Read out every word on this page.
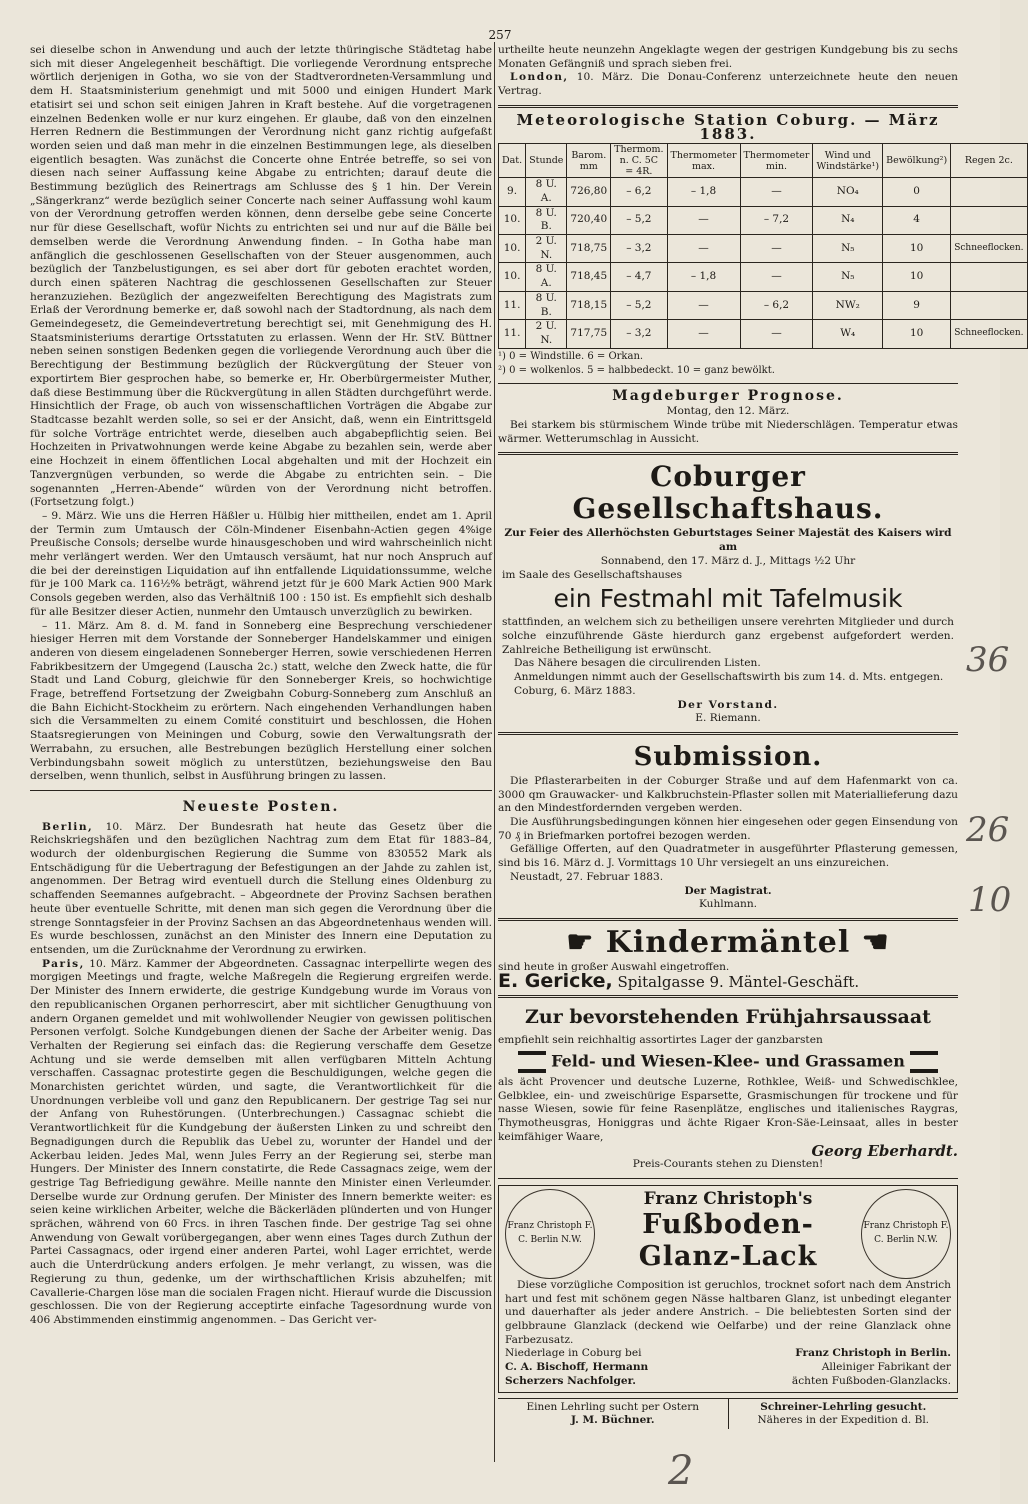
257

sei dieselbe schon in Anwendung und auch der letzte thüringische Städtetag habe sich mit dieser Angelegenheit beschäftigt. Die vorliegende Verordnung entspreche wörtlich derjenigen in Gotha, wo sie von der Stadtverordneten-Versammlung und dem H. Staatsministerium genehmigt und mit 5000 und einigen Hundert Mark etatisirt sei und schon seit einigen Jahren in Kraft bestehe. Auf die vorgetragenen einzelnen Bedenken wolle er nur kurz eingehen. Er glaube, daß von den einzelnen Herren Rednern die Bestimmungen der Verordnung nicht ganz richtig aufgefaßt worden seien und daß man mehr in die einzelnen Bestimmungen lege, als dieselben eigentlich besagten. Was zunächst die Concerte ohne Entrée betreffe, so sei von diesen nach seiner Auffassung keine Abgabe zu entrichten; darauf deute die Bestimmung bezüglich des Reinertrags am Schlusse des § 1 hin. Der Verein „Sängerkranz“ werde bezüglich seiner Concerte nach seiner Auffassung wohl kaum von der Verordnung getroffen werden können, denn derselbe gebe seine Concerte nur für diese Gesellschaft, wofür Nichts zu entrichten sei und nur auf die Bälle bei demselben werde die Verordnung Anwendung finden. – In Gotha habe man anfänglich die geschlossenen Gesellschaften von der Steuer ausgenommen, auch bezüglich der Tanzbelustigungen, es sei aber dort für geboten erachtet worden, durch einen späteren Nachtrag die geschlossenen Gesellschaften zur Steuer heranzuziehen. Bezüglich der angezweifelten Berechtigung des Magistrats zum Erlaß der Verordnung bemerke er, daß sowohl nach der Stadtordnung, als nach dem Gemeindegesetz, die Gemeindevertretung berechtigt sei, mit Genehmigung des H. Staatsministeriums derartige Ortsstatuten zu erlassen. Wenn der Hr. StV. Büttner neben seinen sonstigen Bedenken gegen die vorliegende Verordnung auch über die Berechtigung der Bestimmung bezüglich der Rückvergütung der Steuer von exportirtem Bier gesprochen habe, so bemerke er, Hr. Oberbürgermeister Muther, daß diese Bestimmung über die Rückvergütung in allen Städten durchgeführt werde. Hinsichtlich der Frage, ob auch von wissenschaftlichen Vorträgen die Abgabe zur Stadtcasse bezahlt werden solle, so sei er der Ansicht, daß, wenn ein Eintrittsgeld für solche Vorträge entrichtet werde, dieselben auch abgabepflichtig seien. Bei Hochzeiten in Privatwohnungen werde keine Abgabe zu bezahlen sein, werde aber eine Hochzeit in einem öffentlichen Local abgehalten und mit der Hochzeit ein Tanzvergnügen verbunden, so werde die Abgabe zu entrichten sein. – Die sogenannten „Herren-Abende“ würden von der Verordnung nicht betroffen. (Fortsetzung folgt.)

– 9. März. Wie uns die Herren Häßler u. Hülbig hier mittheilen, endet am 1. April der Termin zum Umtausch der Cöln-Mindener Eisenbahn-Actien gegen 4%ige Preußische Consols; derselbe wurde hinausgeschoben und wird wahrscheinlich nicht mehr verlängert werden. Wer den Umtausch versäumt, hat nur noch Anspruch auf die bei der dereinstigen Liquidation auf ihn entfallende Liquidationssumme, welche für je 100 Mark ca. 116½% beträgt, während jetzt für je 600 Mark Actien 900 Mark Consols gegeben werden, also das Verhältniß 100 : 150 ist. Es empfiehlt sich deshalb für alle Besitzer dieser Actien, nunmehr den Umtausch unverzüglich zu bewirken.

– 11. März. Am 8. d. M. fand in Sonneberg eine Besprechung verschiedener hiesiger Herren mit dem Vorstande der Sonneberger Handelskammer und einigen anderen von diesem eingeladenen Sonneberger Herren, sowie verschiedenen Herren Fabrikbesitzern der Umgegend (Lauscha 2c.) statt, welche den Zweck hatte, die für Stadt und Land Coburg, gleichwie für den Sonneberger Kreis, so hochwichtige Frage, betreffend Fortsetzung der Zweigbahn Coburg-Sonneberg zum Anschluß an die Bahn Eichicht-Stockheim zu erörtern. Nach eingehenden Verhandlungen haben sich die Versammelten zu einem Comité constituirt und beschlossen, die Hohen Staatsregierungen von Meiningen und Coburg, sowie den Verwaltungsrath der Werrabahn, zu ersuchen, alle Bestrebungen bezüglich Herstellung einer solchen Verbindungsbahn soweit möglich zu unterstützen, beziehungsweise den Bau derselben, wenn thunlich, selbst in Ausführung bringen zu lassen.

Neueste Posten.

Berlin, 10. März. Der Bundesrath hat heute das Gesetz über die Reichskriegshäfen und den bezüglichen Nachtrag zum dem Etat für 1883–84, wodurch der oldenburgischen Regierung die Summe von 830552 Mark als Entschädigung für die Uebertragung der Befestigungen an der Jahde zu zahlen ist, angenommen. Der Betrag wird eventuell durch die Stellung eines Oldenburg zu schaffenden Seemannes aufgebracht. – Abgeordnete der Provinz Sachsen berathen heute über eventuelle Schritte, mit denen man sich gegen die Verordnung über die strenge Sonntagsfeier in der Provinz Sachsen an das Abgeordnetenhaus wenden will. Es wurde beschlossen, zunächst an den Minister des Innern eine Deputation zu entsenden, um die Zurücknahme der Verordnung zu erwirken.

Paris, 10. März. Kammer der Abgeordneten. Cassagnac interpellirte wegen des morgigen Meetings und fragte, welche Maßregeln die Regierung ergreifen werde. Der Minister des Innern erwiderte, die gestrige Kundgebung wurde im Voraus von den republicanischen Organen perhorrescirt, aber mit sichtlicher Genugthuung von andern Organen gemeldet und mit wohlwollender Neugier von gewissen politischen Personen verfolgt. Solche Kundgebungen dienen der Sache der Arbeiter wenig. Das Verhalten der Regierung sei einfach das: die Regierung verschaffe dem Gesetze Achtung und sie werde demselben mit allen verfügbaren Mitteln Achtung verschaffen. Cassagnac protestirte gegen die Beschuldigungen, welche gegen die Monarchisten gerichtet würden, und sagte, die Verantwortlichkeit für die Unordnungen verbleibe voll und ganz den Republicanern. Der gestrige Tag sei nur der Anfang von Ruhestörungen. (Unterbrechungen.) Cassagnac schiebt die Verantwortlichkeit für die Kundgebung der äußersten Linken zu und schreibt den Begnadigungen durch die Republik das Uebel zu, worunter der Handel und der Ackerbau leiden. Jedes Mal, wenn Jules Ferry an der Regierung sei, sterbe man Hungers. Der Minister des Innern constatirte, die Rede Cassagnacs zeige, wem der gestrige Tag Befriedigung gewähre. Meille nannte den Minister einen Verleumder. Derselbe wurde zur Ordnung gerufen. Der Minister des Innern bemerkte weiter: es seien keine wirklichen Arbeiter, welche die Bäckerläden plünderten und von Hunger sprächen, während von 60 Frcs. in ihren Taschen finde. Der gestrige Tag sei ohne Anwendung von Gewalt vorübergegangen, aber wenn eines Tages durch Zuthun der Partei Cassagnacs, oder irgend einer anderen Partei, wohl Lager errichtet, werde auch die Unterdrückung anders erfolgen. Je mehr verlangt, zu wissen, was die Regierung zu thun, gedenke, um der wirthschaftlichen Krisis abzuhelfen; mit Cavallerie-Chargen löse man die socialen Fragen nicht. Hierauf wurde die Discussion geschlossen. Die von der Regierung acceptirte einfache Tagesordnung wurde von 406 Abstimmenden einstimmig angenommen. – Das Gericht ver-

urtheilte heute neunzehn Angeklagte wegen der gestrigen Kundgebung bis zu sechs Monaten Gefängniß und sprach sieben frei.

London, 10. März. Die Donau-Conferenz unterzeichnete heute den neuen Vertrag.

Meteorologische Station Coburg. — März 1883.
Dat.	Stunde	Barom. mm	Thermom. n. C. 5C = 4R.	Thermometer max.	Thermometer min.	Wind und Windstärke¹)	Bewölkung²)	Regen 2c.
9.	8 U. A.	726,80	– 6,2	– 1,8	—	NO₄	0	
10.	8 U. B.	720,40	– 5,2	—	– 7,2	N₄	4	
10.	2 U. N.	718,75	– 3,2	—	—	N₅	10	Schneeflocken.
10.	8 U. A.	718,45	– 4,7	– 1,8	—	N₅	10	
11.	8 U. B.	718,15	– 5,2	—	– 6,2	NW₂	9	
11.	2 U. N.	717,75	– 3,2	—	—	W₄	10	Schneeflocken.
¹) 0 = Windstille. 6 = Orkan.
²) 0 = wolkenlos. 5 = halbbedeckt. 10 = ganz bewölkt.
Magdeburger Prognose.
Montag, den 12. März.

Bei starkem bis stürmischem Winde trübe mit Niederschlägen. Temperatur etwas wärmer. Wetterumschlag in Aussicht.

Coburger Gesellschaftshaus.
Zur Feier des Allerhöchsten Geburtstages Seiner Majestät des Kaisers wird am
Sonnabend, den 17. März d. J., Mittags ½2 Uhr
im Saale des Gesellschaftshauses
ein Festmahl mit Tafelmusik

stattfinden, an welchem sich zu betheiligen unsere verehrten Mitglieder und durch solche einzuführende Gäste hierdurch ganz ergebenst aufgefordert werden. Zahlreiche Betheiligung ist erwünscht.

Das Nähere besagen die circulirenden Listen.

Anmeldungen nimmt auch der Gesellschaftswirth bis zum 14. d. Mts. entgegen.

Coburg, 6. März 1883.

Der Vorstand.
E. Riemann.
Submission.

Die Pflasterarbeiten in der Coburger Straße und auf dem Hafenmarkt von ca. 3000 qm Grauwacker- und Kalkbruchstein-Pflaster sollen mit Materiallieferung dazu an den Mindestfordernden vergeben werden.

Die Ausführungsbedingungen können hier eingesehen oder gegen Einsendung von 70 ₰ in Briefmarken portofrei bezogen werden.

Gefällige Offerten, auf den Quadratmeter in ausgeführter Pflasterung gemessen, sind bis 16. März d. J. Vormittags 10 Uhr versiegelt an uns einzureichen.

Neustadt, 27. Februar 1883.

Der Magistrat.
Kuhlmann.
☛ Kindermäntel ☚
sind heute in großer Auswahl eingetroffen.
E. Gericke, Spitalgasse 9. Mäntel-Geschäft.
Zur bevorstehenden Frühjahrsaussaat
empfiehlt sein reichhaltig assortirtes Lager der ganzbarsten
Feld- und Wiesen-Klee- und Grassamen

als ächt Provencer und deutsche Luzerne, Rothklee, Weiß- und Schwedischklee, Gelbklee, ein- und zweischürige Esparsette, Grasmischungen für trockene und für nasse Wiesen, sowie für feine Rasenplätze, englisches und italienisches Raygras, Thymotheusgras, Honiggras und ächte Rigaer Kron-Säe-Leinsaat, alles in bester keimfähiger Waare,

Georg Eberhardt.
Preis-Courants stehen zu Diensten!
Franz Christoph F. C. Berlin N.W.
Franz Christoph's
Fußboden-Glanz-Lack
Franz Christoph F. C. Berlin N.W.

Diese vorzügliche Composition ist geruchlos, trocknet sofort nach dem Anstrich hart und fest mit schönem gegen Nässe haltbaren Glanz, ist unbedingt eleganter und dauerhafter als jeder andere Anstrich. – Die beliebtesten Sorten sind der gelbbraune Glanzlack (deckend wie Oelfarbe) und der reine Glanzlack ohne Farbezusatz.

Niederlage in Coburg bei	Franz Christoph in Berlin.
C. A. Bischoff, Hermann	Alleiniger Fabrikant der
Scherzers Nachfolger.	ächten Fußboden-Glanzlacks.
Einen Lehrling sucht per Ostern
J. M. Büchner.
Schreiner-Lehrling gesucht.
Näheres in der Expedition d. Bl.
36
26
10
2
